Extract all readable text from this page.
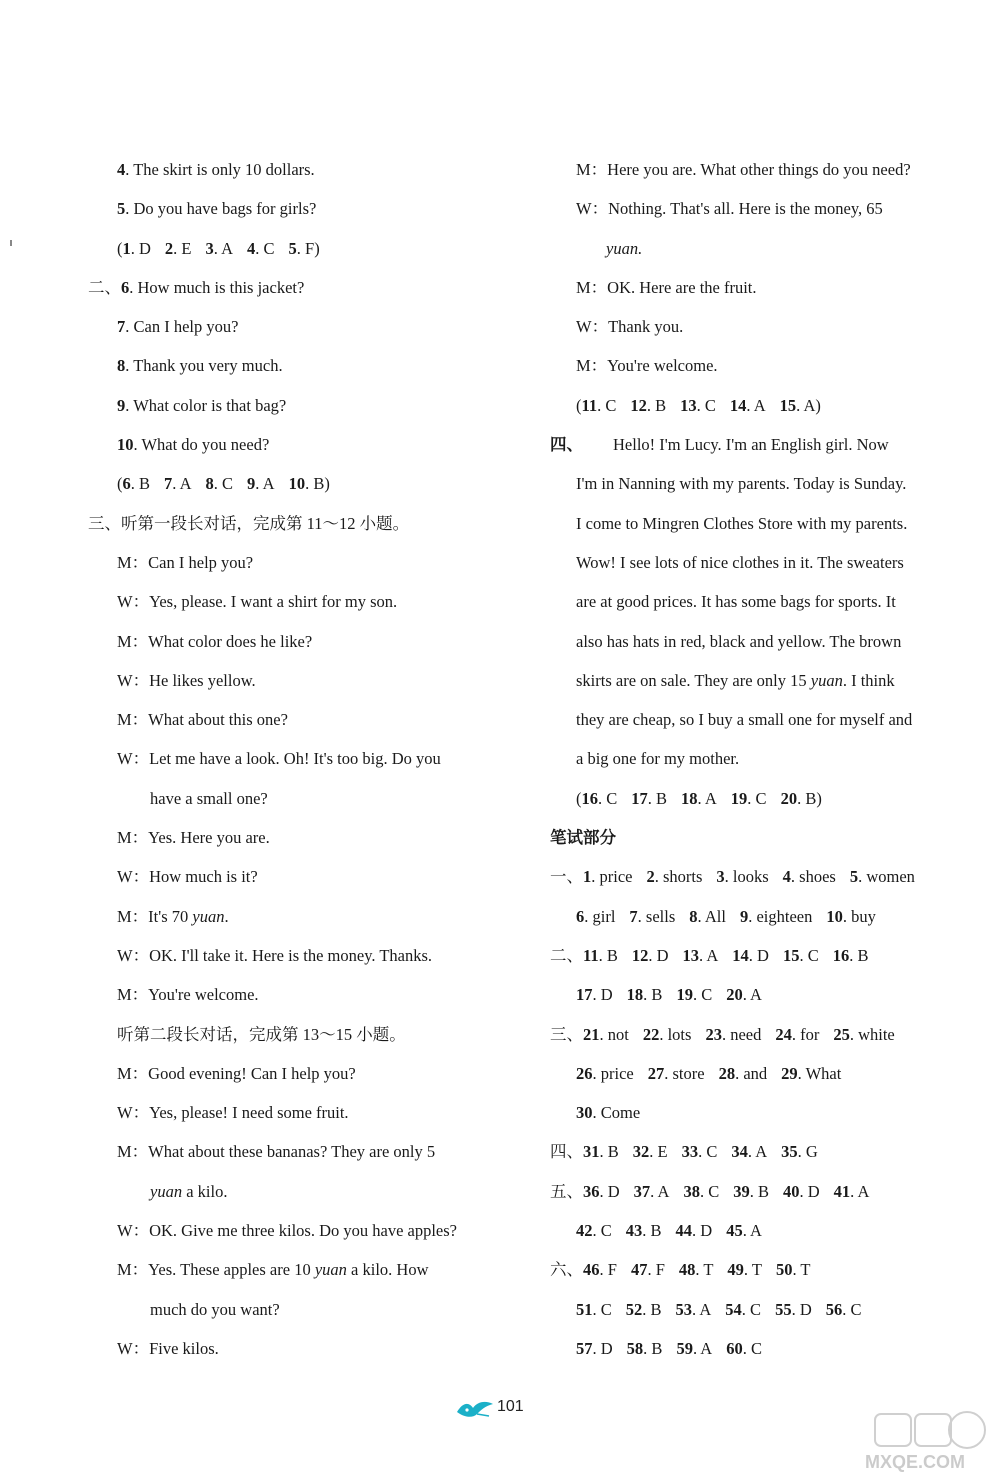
4. The skirt is only 10 dollars.
5. Do you have bags for girls?
(1. D 2. E 3. A 4. C 5. F)
二、6. How much is this jacket?
7. Can I help you?
8. Thank you very much.
9. What color is that bag?
10. What do you need?
(6. B 7. A 8. C 9. A 10. B)
三、听第一段长对话，完成第 11～12 小题。
M：Can I help you?
W：Yes, please. I want a shirt for my son.
M：What color does he like?
W：He likes yellow.
M：What about this one?
W：Let me have a look. Oh! It's too big. Do you
have a small one?
M：Yes. Here you are.
W：How much is it?
M：It's 70 yuan.
W：OK. I'll take it. Here is the money. Thanks.
M：You're welcome.
听第二段长对话，完成第 13～15 小题。
M：Good evening! Can I help you?
W：Yes, please! I need some fruit.
M：What about these bananas? They are only 5
yuan a kilo.
W：OK. Give me three kilos. Do you have apples?
M：Yes. These apples are 10 yuan a kilo. How
much do you want?
W：Five kilos.
M：Here you are. What other things do you need?
W：Nothing. That's all. Here is the money, 65
yuan.
M：OK. Here are the fruit.
W：Thank you.
M：You're welcome.
(11. C 12. B 13. C 14. A 15. A)
四、 Hello! I'm Lucy. I'm an English girl. Now
I'm in Nanning with my parents. Today is Sunday.
I come to Mingren Clothes Store with my parents.
Wow! I see lots of nice clothes in it. The sweaters
are at good prices. It has some bags for sports. It
also has hats in red, black and yellow. The brown
skirts are on sale. They are only 15 yuan. I think
they are cheap, so I buy a small one for myself and
a big one for my mother.
(16. C 17. B 18. A 19. C 20. B)
笔试部分
一、1. price 2. shorts 3. looks 4. shoes 5. women
6. girl 7. sells 8. All 9. eighteen 10. buy
二、11. B 12. D 13. A 14. D 15. C 16. B
17. D 18. B 19. C 20. A
三、21. not 22. lots 23. need 24. for 25. white
26. price 27. store 28. and 29. What
30. Come
四、31. B 32. E 33. C 34. A 35. G
五、36. D 37. A 38. C 39. B 40. D 41. A
42. C 43. B 44. D 45. A
六、46. F 47. F 48. T 49. T 50. T
51. C 52. B 53. A 54. C 55. D 56. C
57. D 58. B 59. A 60. C
101
MXQE.COM
